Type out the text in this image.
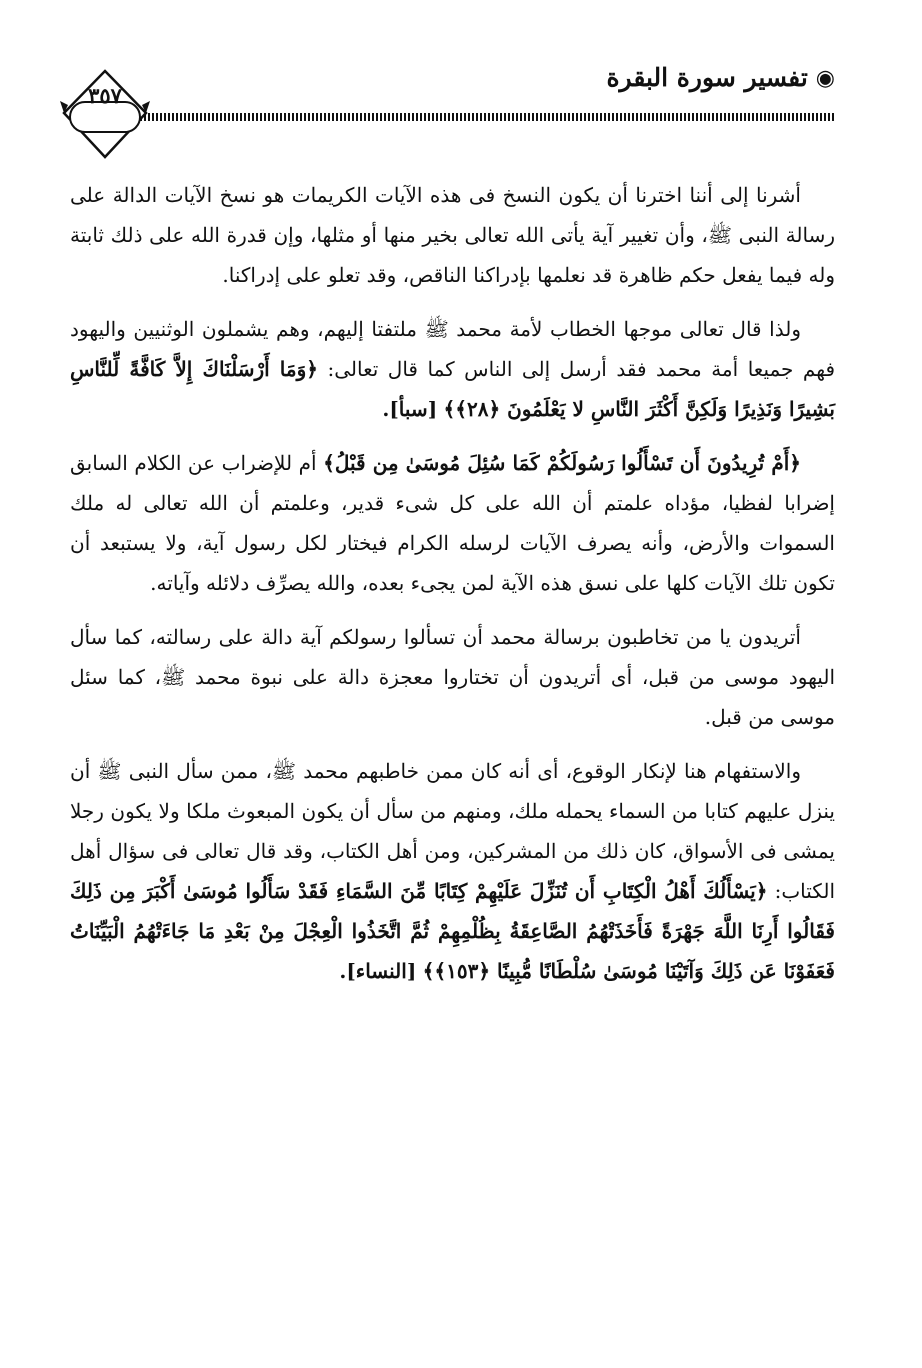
◉
تفسير سورة البقرة
٣٥٧

أشرنا إلى أننا اخترنا أن يكون النسخ فى هذه الآيات الكريمات هو نسخ الآيات الدالة على رسالة النبى ﷺ، وأن تغيير آية يأتى الله تعالى بخير منها أو مثلها، وإن قدرة الله على ذلك ثابتة وله فيما يفعل حكم ظاهرة قد نعلمها بإدراكنا الناقص، وقد تعلو على إدراكنا.

ولذا قال تعالى موجها الخطاب لأمة محمد ﷺ ملتفتا إليهم، وهم يشملون الوثنيين واليهود فهم جميعا أمة محمد فقد أرسل إلى الناس كما قال تعالى: ﴿وَمَا أَرْسَلْنَاكَ إِلاَّ كَافَّةً لِّلنَّاسِ بَشِيرًا وَنَذِيرًا وَلَكِنَّ أَكْثَرَ النَّاسِ لا يَعْلَمُونَ ﴿٢٨﴾﴾ [سبأ].

﴿أَمْ تُرِيدُونَ أَن تَسْأَلُوا رَسُولَكُمْ كَمَا سُئِلَ مُوسَىٰ مِن قَبْلُ﴾ أم للإضراب عن الكلام السابق إضرابا لفظيا، مؤداه علمتم أن الله على كل شىء قدير، وعلمتم أن الله تعالى له ملك السموات والأرض، وأنه يصرف الآيات لرسله الكرام فيختار لكل رسول آية، ولا يستبعد أن تكون تلك الآيات كلها على نسق هذه الآية لمن يجىء بعده، والله يصرِّف دلائله وآياته.

أتريدون يا من تخاطبون برسالة محمد أن تسألوا رسولكم آية دالة على رسالته، كما سأل اليهود موسى من قبل، أى أتريدون أن تختاروا معجزة دالة على نبوة محمد ﷺ، كما سئل موسى من قبل.

والاستفهام هنا لإنكار الوقوع، أى أنه كان ممن خاطبهم محمد ﷺ، ممن سأل النبى ﷺ أن ينزل عليهم كتابا من السماء يحمله ملك، ومنهم من سأل أن يكون المبعوث ملكا ولا يكون رجلا يمشى فى الأسواق، كان ذلك من المشركين، ومن أهل الكتاب، وقد قال تعالى فى سؤال أهل الكتاب: ﴿يَسْأَلُكَ أَهْلُ الْكِتَابِ أَن تُنَزِّلَ عَلَيْهِمْ كِتَابًا مِّنَ السَّمَاءِ فَقَدْ سَأَلُوا مُوسَىٰ أَكْبَرَ مِن ذَلِكَ فَقَالُوا أَرِنَا اللَّهَ جَهْرَةً فَأَخَذَتْهُمُ الصَّاعِقَةُ بِظُلْمِهِمْ ثُمَّ اتَّخَذُوا الْعِجْلَ مِنْ بَعْدِ مَا جَاءَتْهُمُ الْبَيِّنَاتُ فَعَفَوْنَا عَن ذَلِكَ وَآتَيْنَا مُوسَىٰ سُلْطَانًا مُّبِينًا ﴿١٥٣﴾﴾ [النساء].
